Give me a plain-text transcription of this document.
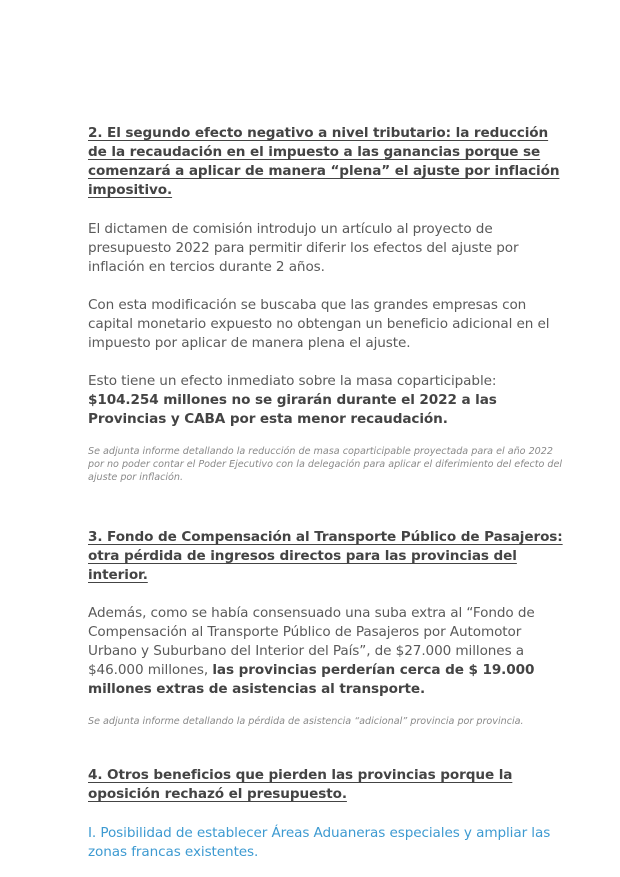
2. El segundo efecto negativo a nivel tributario: la reducción de la recaudación en el impuesto a las ganancias porque se comenzará a aplicar de manera “plena” el ajuste por inflación impositivo.

El dictamen de comisión introdujo un artículo al proyecto de presupuesto 2022 para permitir diferir los efectos del ajuste por inflación en tercios durante 2 años.

Con esta modificación se buscaba que las grandes empresas con capital monetario expuesto no obtengan un beneficio adicional en el impuesto por aplicar de manera plena el ajuste.

Esto tiene un efecto inmediato sobre la masa coparticipable:
$104.254 millones no se girarán durante el 2022 a las Provincias y CABA por esta menor recaudación.

Se adjunta informe detallando la reducción de masa coparticipable proyectada para el año 2022 por no poder contar el Poder Ejecutivo con la delegación para aplicar el diferimiento del efecto del ajuste por inflación.

3. Fondo de Compensación al Transporte Público de Pasajeros: otra pérdida de ingresos directos para las provincias del interior.

Además, como se había consensuado una suba extra al “Fondo de Compensación al Transporte Público de Pasajeros por Automotor Urbano y Suburbano del Interior del País”, de $27.000 millones a $46.000 millones, las provincias perderían cerca de $ 19.000 millones extras de asistencias al transporte.

Se adjunta informe detallando la pérdida de asistencia “adicional” provincia por provincia.

4. Otros beneficios que pierden las provincias porque la oposición rechazó el presupuesto.

I. Posibilidad de establecer Áreas Aduaneras especiales y ampliar las zonas francas existentes.
